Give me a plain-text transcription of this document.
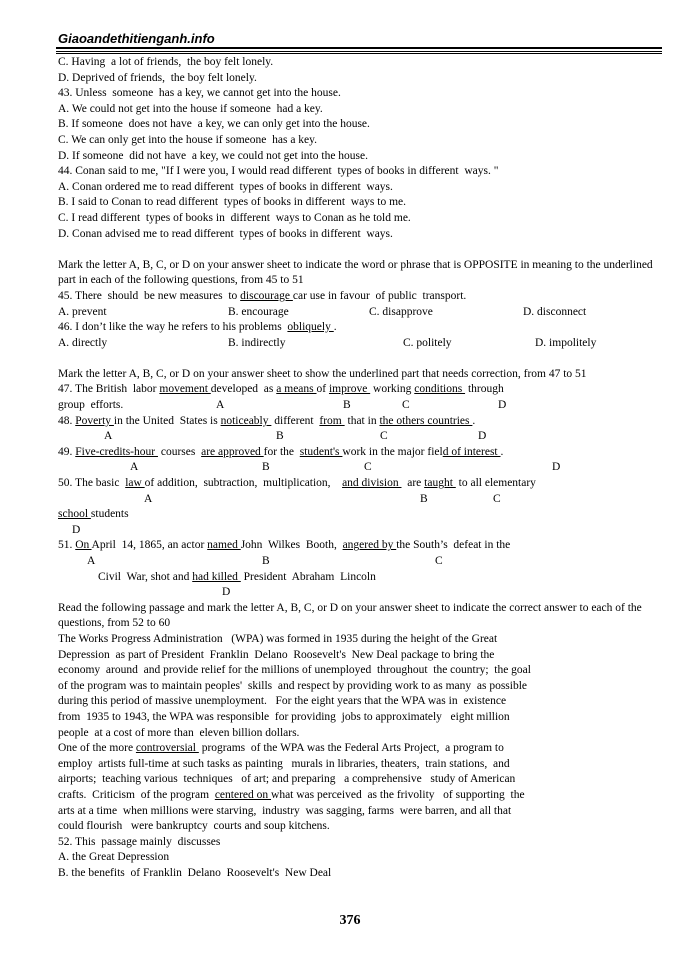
Giaoandethitienganh.info
C. Having  a lot of friends,  the boy felt lonely.
D. Deprived of friends,  the boy felt lonely.
43. Unless  someone  has a key, we cannot get into the house.
A. We could not get into the house if someone  had a key.
B. If someone  does not have  a key, we can only get into the house.
C. We can only get into the house if someone  has a key.
D. If someone  did not have  a key, we could not get into the house.
44. Conan said to me, "If I were you, I would read different  types of books in different  ways. "
A. Conan ordered me to read different  types of books in different  ways.
B. I said to Conan to read different  types of books in different  ways to me.
C. I read different  types of books in  different  ways to Conan as he told me.
D. Conan advised me to read different  types of books in different  ways.
Mark the letter A, B, C, or D on your answer sheet to indicate the word or phrase that is OPPOSITE in meaning to the underlined part in each of the following questions, from 45 to 51
45. There  should  be new measures  to discourage car use in favour  of public  transport.
A. prevent	B. encourage	C. disapprove	D. disconnect
46. I don’t like the way he refers to his problems  obliquely .
A. directly	B. indirectly	C. politely	D. impolitely
Mark the letter A, B, C, or D on your answer sheet to show the underlined part that needs correction, from 47 to 51
47. The British  labor movement developed  as a means of improve  working conditions  through
group  efforts.	A	B	C	D
48. Poverty in the United  States is noticeably  different  from  that in the others countries .
A	B	C	D
49. Five-credits-hour  courses  are approved for the  student's work in the major field of interest .
A	B	C	D
50. The basic  law of addition,  subtraction,  multiplication,    and division   are taught  to all elementary
A	B	C
school students
D
51. On April  14, 1865, an actor named John  Wilkes  Booth,  angered by the South’s  defeat in the
A	B	C
Civil  War, shot and had killed  President  Abraham  Lincoln
D
Read the following passage and mark the letter A, B, C, or D on your answer sheet to indicate the correct answer to each of the questions, from 52 to 60
The Works Progress Administration   (WPA) was formed in 1935 during the height of the Great
Depression  as part of President  Franklin  Delano  Roosevelt's  New Deal package to bring the
economy  around  and provide relief for the millions of unemployed  throughout  the country;  the goal
of the program was to maintain peoples'  skills  and respect by providing work to as many  as possible
during this period of massive unemployment.   For the eight years that the WPA was in  existence
from  1935 to 1943, the WPA was responsible  for providing  jobs to approximately   eight million
people  at a cost of more than  eleven billion dollars.
One of the more controversial  programs  of the WPA was the Federal Arts Project,  a program to
employ  artists full-time at such tasks as painting   murals in libraries, theaters,  train stations,  and
airports;  teaching various  techniques   of art; and preparing   a comprehensive   study of American
crafts.  Criticism  of the program  centered on what was perceived  as the frivolity   of supporting  the
arts at a time  when millions were starving,  industry  was sagging, farms  were barren, and all that
could flourish   were bankruptcy  courts and soup kitchens.
52. This  passage mainly  discusses
A. the Great Depression
B. the benefits  of Franklin  Delano  Roosevelt's  New Deal
376
